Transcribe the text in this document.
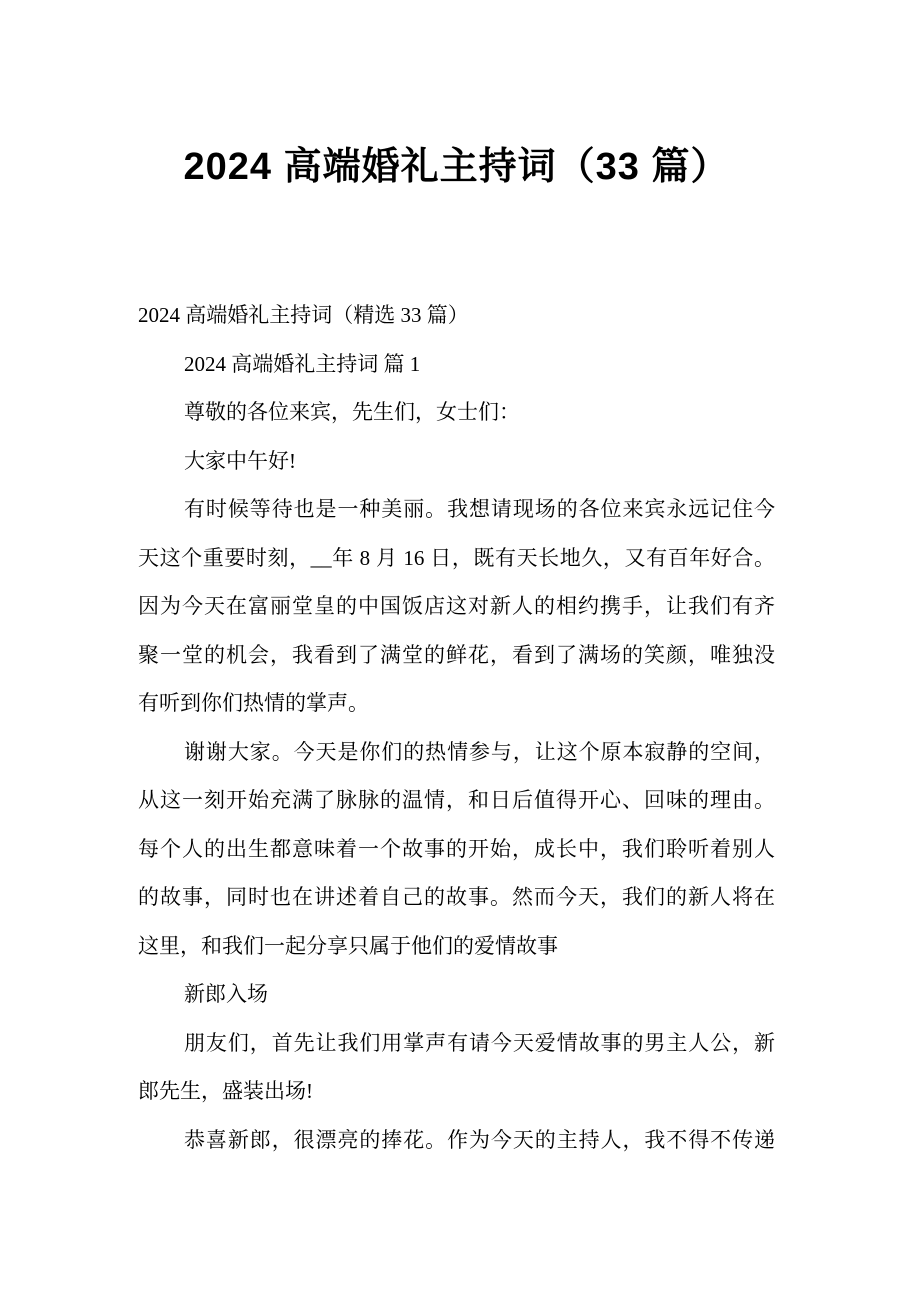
2024 高端婚礼主持词（33 篇）
2024 高端婚礼主持词（精选 33 篇）
2024 高端婚礼主持词 篇 1
尊敬的各位来宾，先生们，女士们：
大家中午好!
有时候等待也是一种美丽。我想请现场的各位来宾永远记住今
天这个重要时刻，__年 8 月 16 日，既有天长地久，又有百年好合。
因为今天在富丽堂皇的中国饭店这对新人的相约携手，让我们有齐
聚一堂的机会，我看到了满堂的鲜花，看到了满场的笑颜，唯独没
有听到你们热情的掌声。
谢谢大家。今天是你们的热情参与，让这个原本寂静的空间，
从这一刻开始充满了脉脉的温情，和日后值得开心、回味的理由。
每个人的出生都意味着一个故事的开始，成长中，我们聆听着别人
的故事，同时也在讲述着自己的故事。然而今天，我们的新人将在
这里，和我们一起分享只属于他们的爱情故事
新郎入场
朋友们，首先让我们用掌声有请今天爱情故事的男主人公，新
郎先生，盛装出场!
恭喜新郎，很漂亮的捧花。作为今天的主持人，我不得不传递
